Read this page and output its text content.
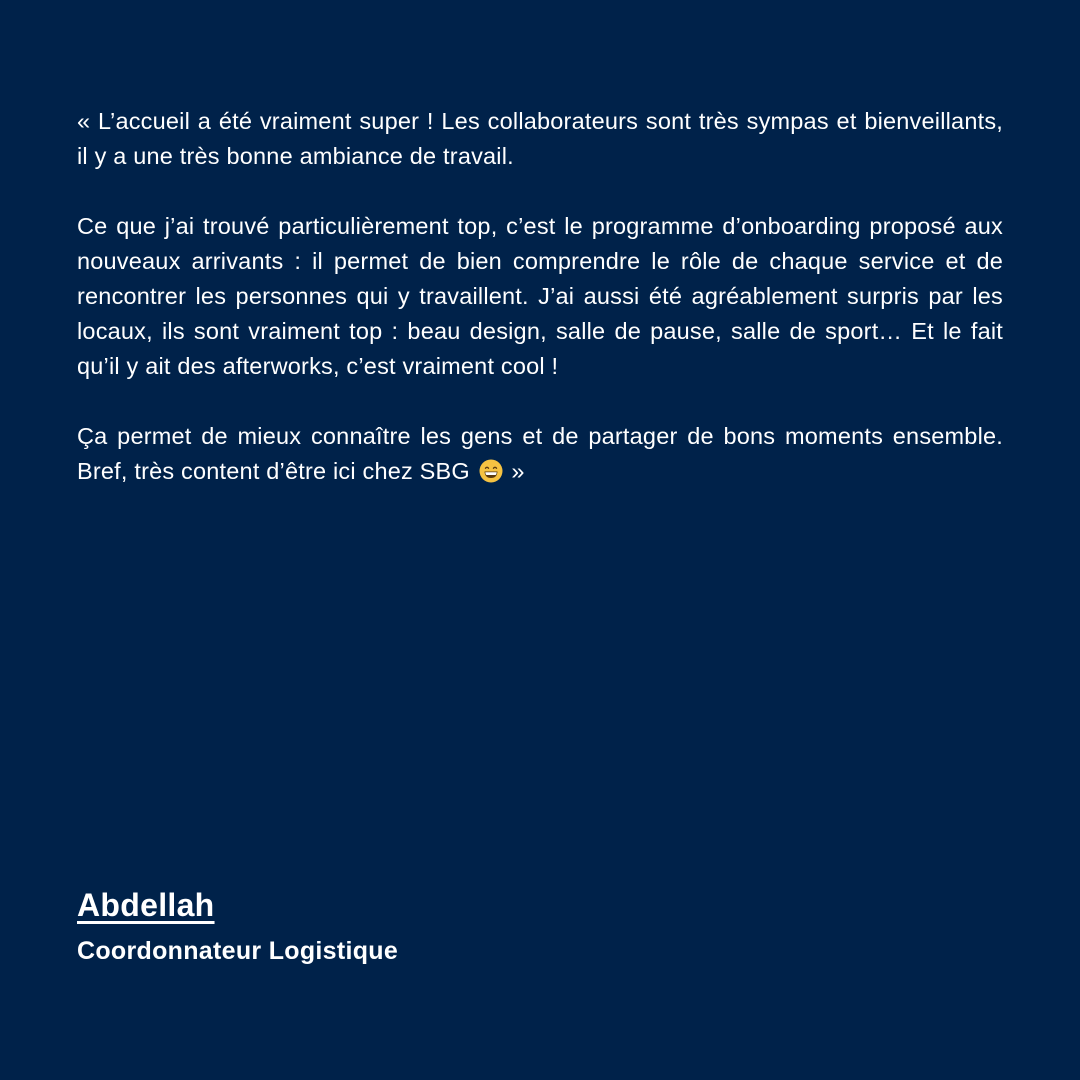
« L’accueil a été vraiment super ! Les collaborateurs sont très sympas et bienveillants, il y a une très bonne ambiance de travail.

Ce que j’ai trouvé particulièrement top, c’est le programme d’onboarding proposé aux nouveaux arrivants : il permet de bien comprendre le rôle de chaque service et de rencontrer les personnes qui y travaillent. J’ai aussi été agréablement surpris par les locaux, ils sont vraiment top : beau design, salle de pause, salle de sport… Et le fait qu’il y ait des afterworks, c’est vraiment cool !

Ça permet de mieux connaître les gens et de partager de bons moments ensemble. Bref, très content d’être ici chez SBG »

Abdellah

Coordonnateur Logistique
